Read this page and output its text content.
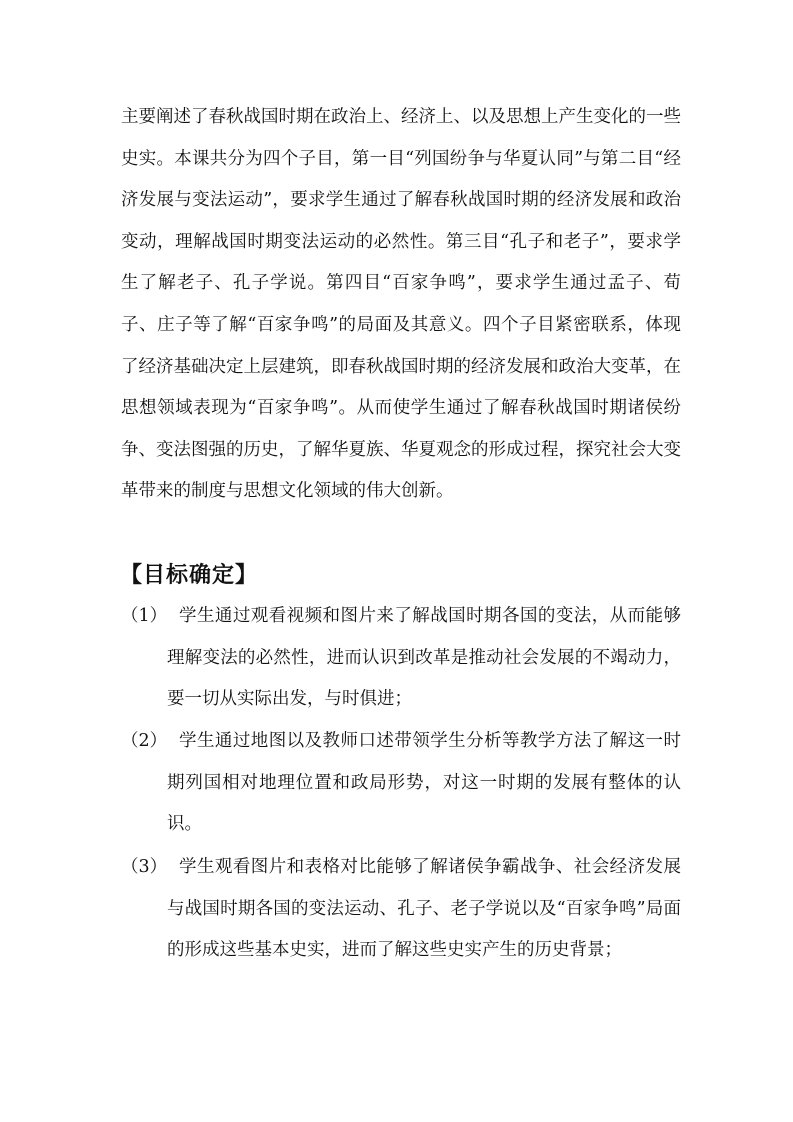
主要阐述了春秋战国时期在政治上、经济上、以及思想上产生变化的一些史实。本课共分为四个子目，第一目“列国纷争与华夏认同”与第二目“经济发展与变法运动”，要求学生通过了解春秋战国时期的经济发展和政治变动，理解战国时期变法运动的必然性。第三目“孔子和老子”，要求学生了解老子、孔子学说。第四目“百家争鸣”，要求学生通过孟子、荀子、庄子等了解“百家争鸣”的局面及其意义。四个子目紧密联系，体现了经济基础决定上层建筑，即春秋战国时期的经济发展和政治大变革，在思想领域表现为“百家争鸣”。从而使学生通过了解春秋战国时期诸侯纷争、变法图强的历史，了解华夏族、华夏观念的形成过程，探究社会大变革带来的制度与思想文化领域的伟大创新。

【目标确定】
（1） 学生通过观看视频和图片来了解战国时期各国的变法，从而能够理解变法的必然性，进而认识到改革是推动社会发展的不竭动力，要一切从实际出发，与时俱进；
（2） 学生通过地图以及教师口述带领学生分析等教学方法了解这一时期列国相对地理位置和政局形势，对这一时期的发展有整体的认识。
（3） 学生观看图片和表格对比能够了解诸侯争霸战争、社会经济发展与战国时期各国的变法运动、孔子、老子学说以及“百家争鸣”局面的形成这些基本史实，进而了解这些史实产生的历史背景；
